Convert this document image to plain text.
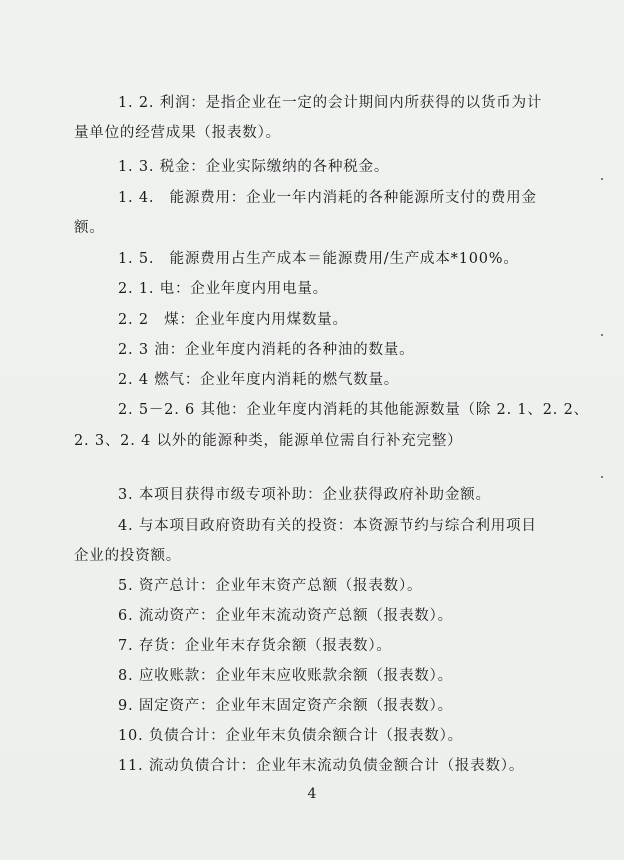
1. 2. 利润：是指企业在一定的会计期间内所获得的以货币为计
量单位的经营成果（报表数）。
1. 3. 税金：企业实际缴纳的各种税金。
1. 4.　能源费用：企业一年内消耗的各种能源所支付的费用金
额。
1. 5.　能源费用占生产成本＝能源费用/生产成本*100%。
2. 1. 电：企业年度内用电量。
2. 2　煤：企业年度内用煤数量。
2. 3 油：企业年度内消耗的各种油的数量。
2. 4 燃气：企业年度内消耗的燃气数量。
2. 5－2. 6 其他：企业年度内消耗的其他能源数量（除 2. 1、2. 2、
2. 3、2. 4 以外的能源种类，能源单位需自行补充完整）
3. 本项目获得市级专项补助：企业获得政府补助金额。
4. 与本项目政府资助有关的投资：本资源节约与综合利用项目
企业的投资额。
5. 资产总计：企业年末资产总额（报表数）。
6. 流动资产：企业年末流动资产总额（报表数）。
7. 存货：企业年末存货余额（报表数）。
8. 应收账款：企业年末应收账款余额（报表数）。
9. 固定资产：企业年末固定资产余额（报表数）。
10. 负债合计：企业年末负债余额合计（报表数）。
11. 流动负债合计：企业年末流动负债金额合计（报表数）。
4
